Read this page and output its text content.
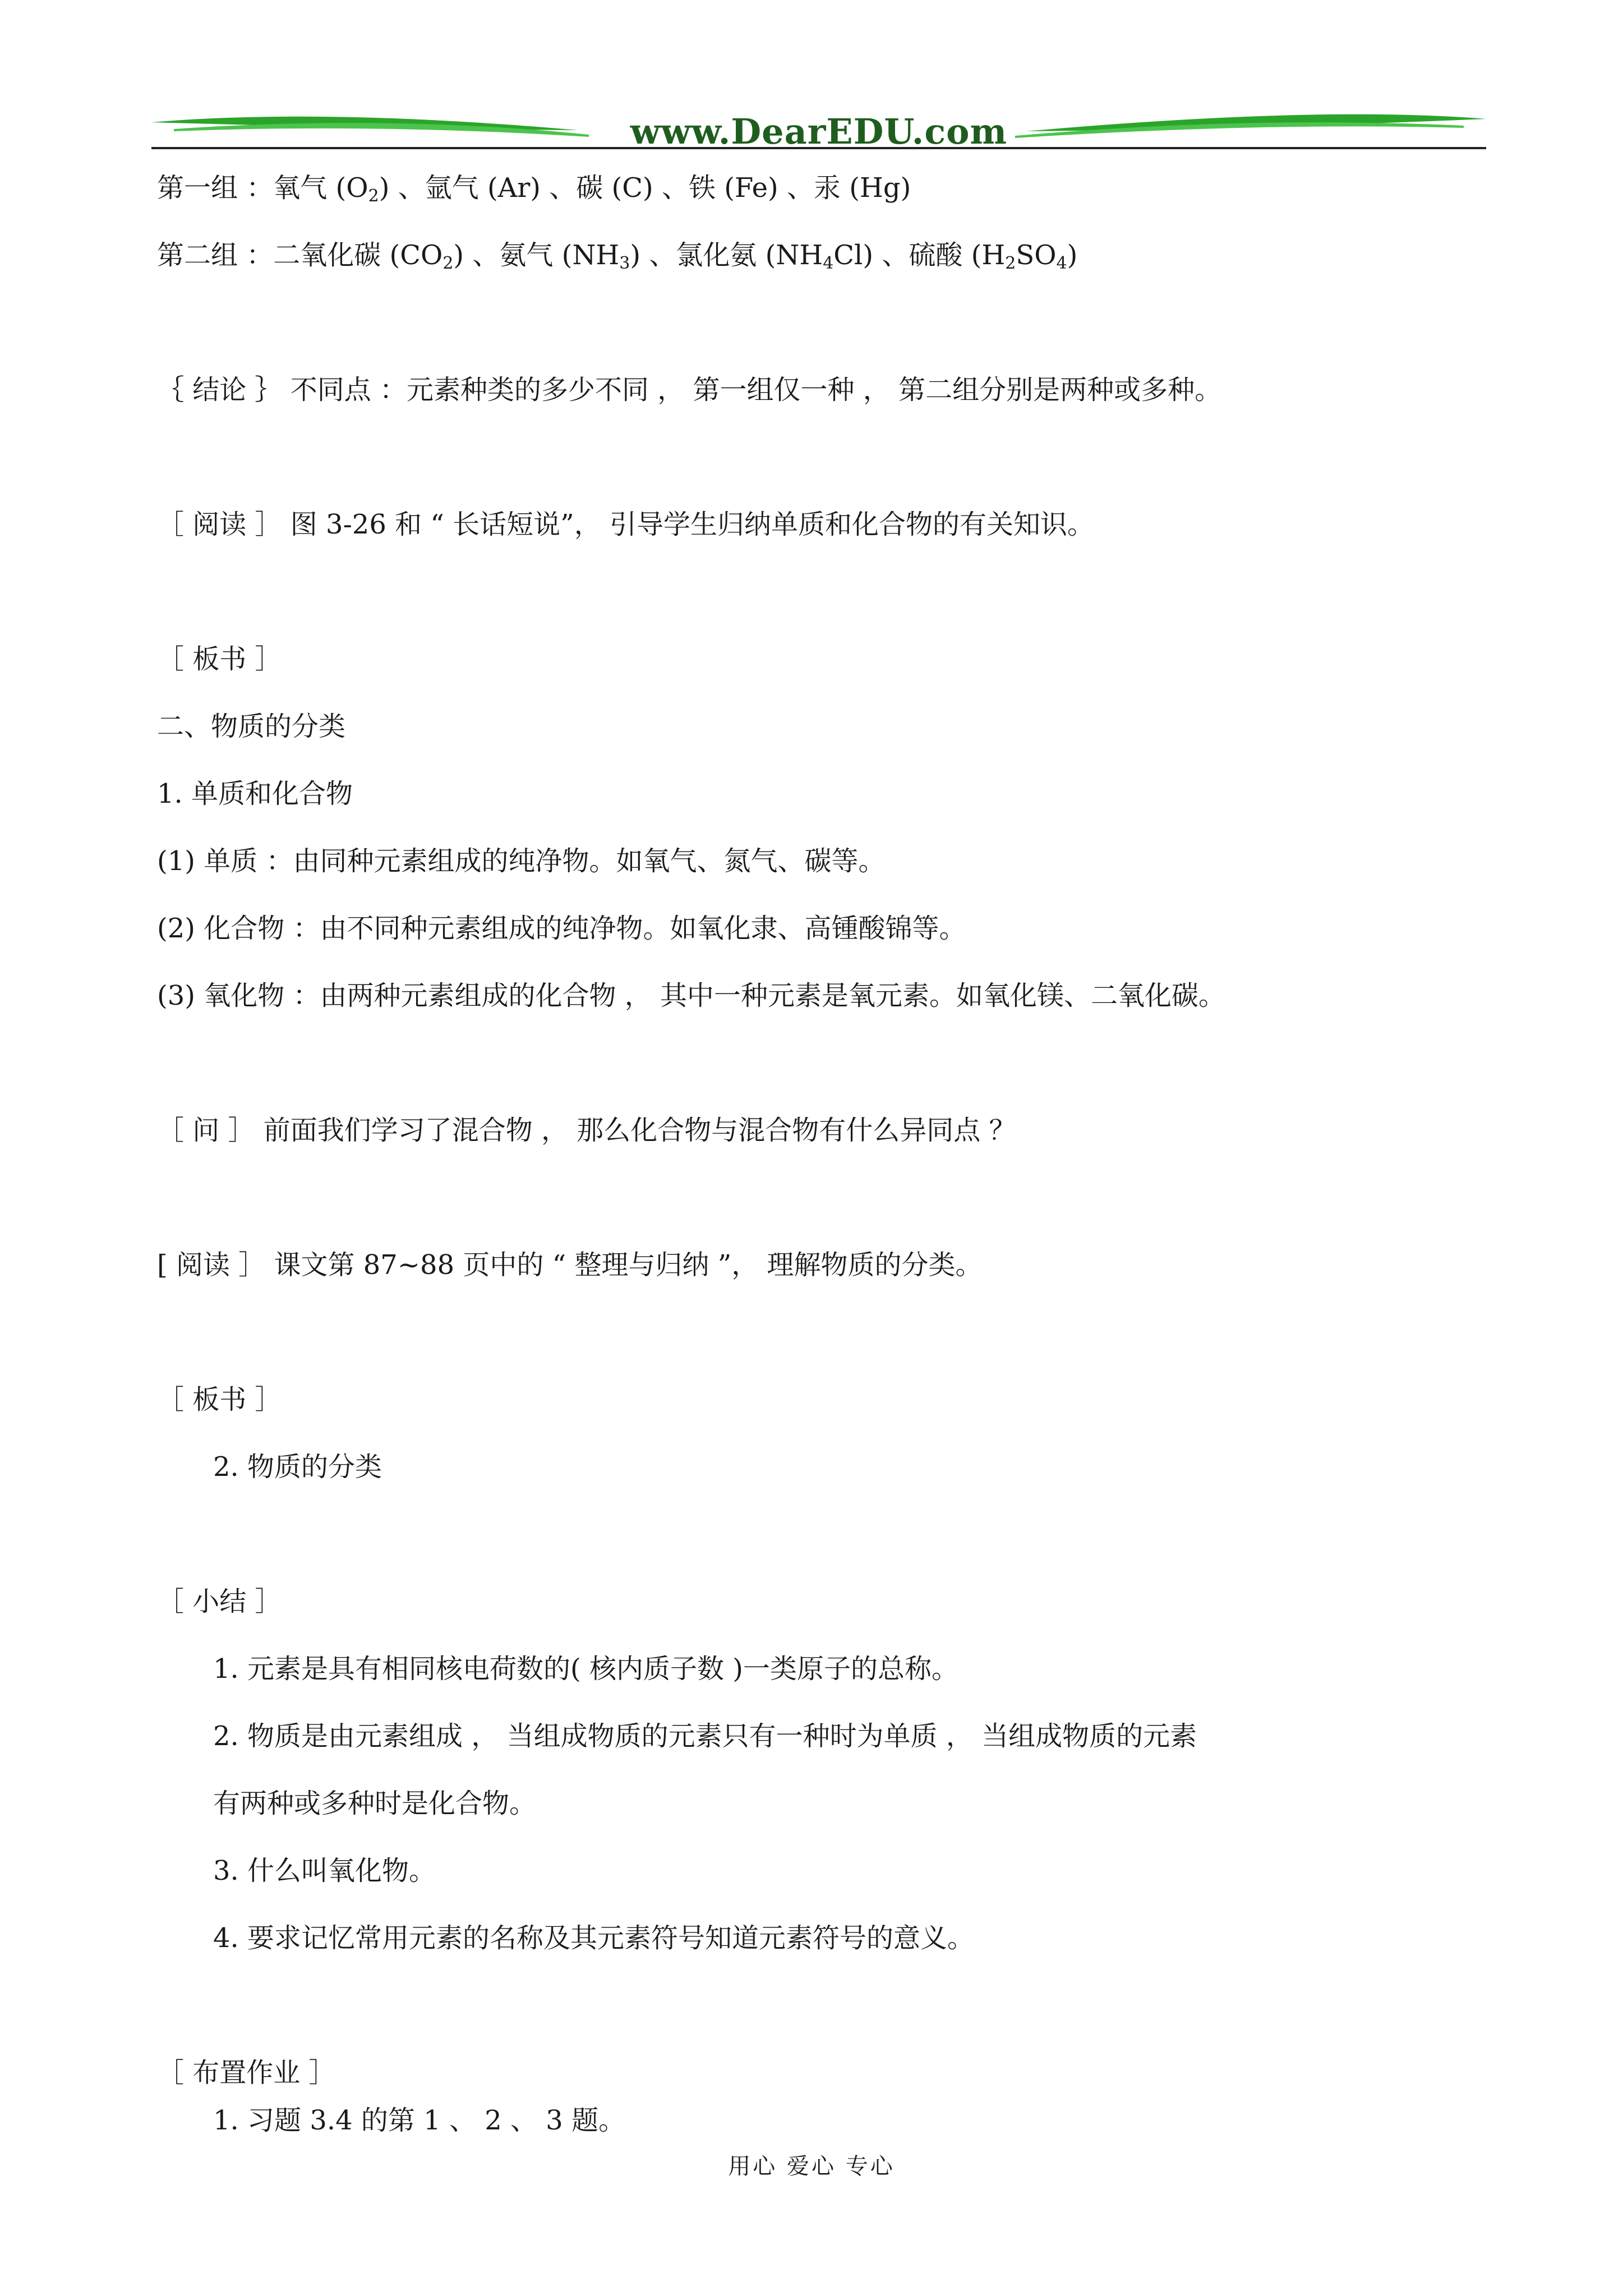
www.DearEDU.com
第一组 ：氧气 $(O_2)$ 、氩气 (Ar) 、碳 (C) 、铁 (Fe) 、汞 (Hg)
第二组 ：二氧化碳 $(CO_2)$ 、氨气 $(NH_3)$ 、氯化氨 $(NH_4Cl)$ 、硫酸 $(H_2SO_4)$
｛ 结论 ｝ 不同点 ：元素种类的多少不同 ， 第一组仅一种 ， 第二组分别是两种或多种。
［ 阅读 ］ 图 3-26 和 “ 长话短说”， 引导学生归纳单质和化合物的有关知识。
［ 板书 ］
二、物质的分类
1. 单质和化合物
(1) 单质 ：由同种元素组成的纯净物。如氧气、氮气、碳等。
(2) 化合物 ：由不同种元素组成的纯净物。如氧化隶、高锺酸锦等。
(3) 氧化物 ：由两种元素组成的化合物 ， 其中一种元素是氧元素。如氧化镁、二氧化碳。
［ 问 ］ 前面我们学习了混合物 ， 那么化合物与混合物有什么异同点 ？
[ 阅读 ］ 课文第 87~88 页中的 “ 整理与归纳 ”， 理解物质的分类。
［ 板书 ］
2. 物质的分类
［ 小结 ］
1. 元素是具有相同核电荷数的( 核内质子数 )一类原子的总称。
2. 物质是由元素组成 ， 当组成物质的元素只有一种时为单质 ， 当组成物质的元素
有两种或多种时是化合物。
3. 什么叫氧化物。
4. 要求记忆常用元素的名称及其元素符号知道元素符号的意义。
［ 布置作业 ］
1. 习题 3.4 的第 1 、 2 、 3 题。
用心 爱心 专心
